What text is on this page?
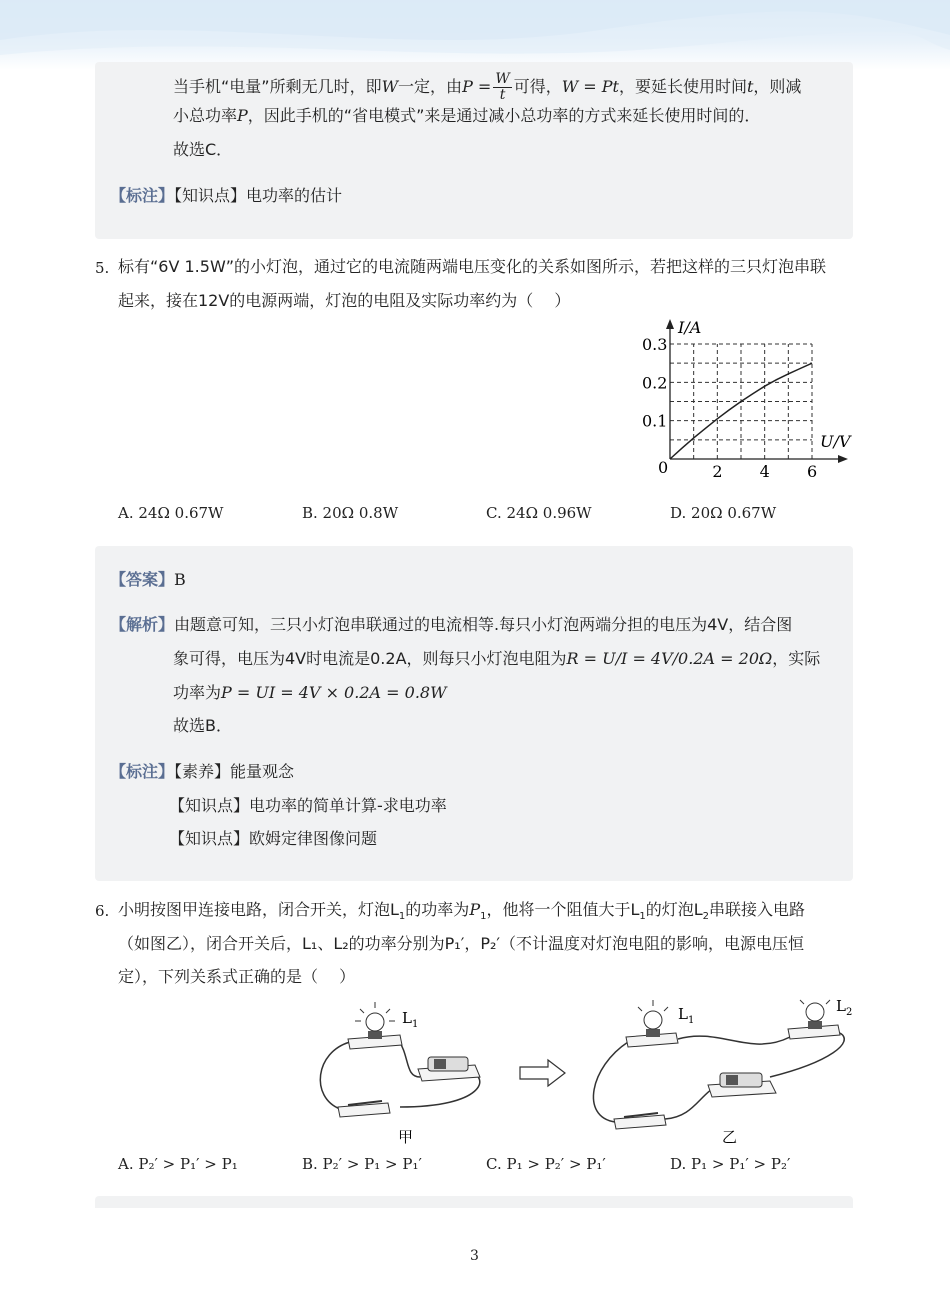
当手机“电量”所剩无几时，即W一定，由$P = \frac{W}{t}$ 可得，W = Pt，要延长使用时间t，则减
小总功率P，因此手机的“省电模式”来是通过减小总功率的方式来延长使用时间的．
故选C．
【标注】【知识点】电功率的估计
5. 标有“6V 1.5W”的小灯泡，通过它的电流随两端电压变化的关系如图所示，若把这样的三只灯泡串联
起来，接在12V的电源两端，灯泡的电阻及实际功率约为（　 ）
I/A
U/V
0	2 4 6
0.1
0.2
0.3
A. 24Ω 0.67W	B. 20Ω 0.8W	C. 24Ω 0.96W	D. 20Ω 0.67W
【答案】B
【解析】由题意可知，三只小灯泡串联通过的电流相等.每只小灯泡两端分担的电压为4V，结合图
象可得，电压为4V时电流是0.2A，则每只小灯泡电阻为R = U/I = 4V/0.2A = 20Ω，实际
功率为P = UI = 4V × 0.2A = 0.8W
故选B．
【标注】【素养】能量观念
【知识点】电功率的简单计算-求电功率
【知识点】欧姆定律图像问题
6. 小明按图甲连接电路，闭合开关，灯泡$L_1$的功率为$P_1$，他将一个阻值大于$L_1$的灯泡$L_2$串联接入电路
（如图乙），闭合开关后，L₁、L₂的功率分别为P₁′，P₂′（不计温度对灯泡电阻的影响，电源电压恒
定），下列关系式正确的是（　 ）
$L_1$
甲
$L_1$
$L_2$
乙
A. P₂′ > P₁′ > P₁	B. P₂′ > P₁ > P₁′	C. P₁ > P₂′ > P₁′	D. P₁ > P₁′ > P₂′
3
